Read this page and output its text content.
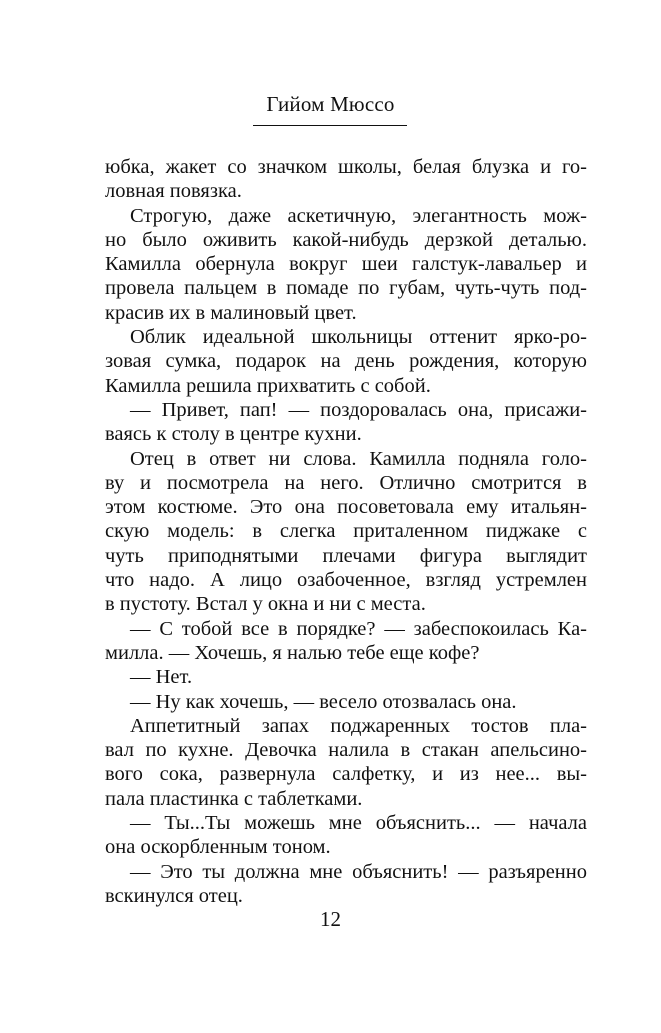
Гийом Мюссо

юбка, жакет со значком школы, белая блузка и го-
ловная повязка.

Строгую, даже аскетичную, элегантность мож-
но было оживить какой-нибудь дерзкой деталью.
Камилла обернула вокруг шеи галстук-лавальер и
провела пальцем в помаде по губам, чуть-чуть под-
красив их в малиновый цвет.

Облик идеальной школьницы оттенит ярко-ро-
зовая сумка, подарок на день рождения, которую
Камилла решила прихватить с собой.

— Привет, пап! — поздоровалась она, присажи-
ваясь к столу в центре кухни.

Отец в ответ ни слова. Камилла подняла голо-
ву и посмотрела на него. Отлично смотрится в
этом костюме. Это она посоветовала ему итальян-
скую модель: в слегка приталенном пиджаке с
чуть приподнятыми плечами фигура выглядит
что надо. А лицо озабоченное, взгляд устремлен
в пустоту. Встал у окна и ни с места.

— С тобой все в порядке? — забеспокоилась Ка-
милла. — Хочешь, я налью тебе еще кофе?

— Нет.

— Ну как хочешь, — весело отозвалась она.

Аппетитный запах поджаренных тостов пла-
вал по кухне. Девочка налила в стакан апельсино-
вого сока, развернула салфетку, и из нее... вы-
пала пластинка с таблетками.

— Ты...Ты можешь мне объяснить... — начала
она оскорбленным тоном.

— Это ты должна мне объяснить! — разъяренно
вскинулся отец.

12
